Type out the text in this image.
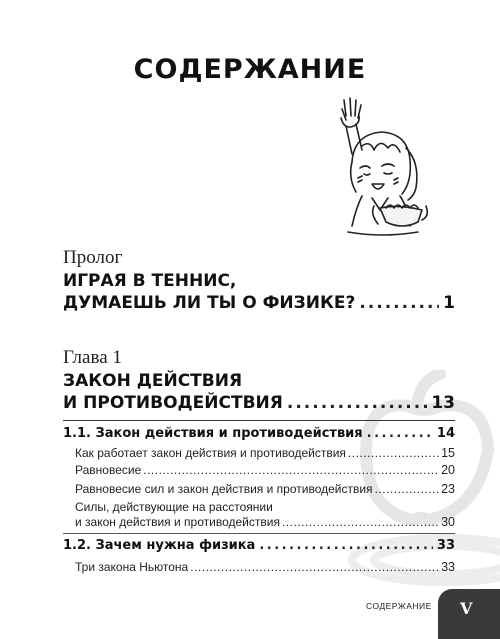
СОДЕРЖАНИЕ
Пролог
ИГРАЯ В ТЕННИС,
ДУМАЕШЬ ЛИ ТЫ О ФИЗИКЕ? .....	1
Глава 1
ЗАКОН ДЕЙСТВИЯ
И ПРОТИВОДЕЙСТВИЯ .....	13
1.1. Закон действия и противодействия .....	14
Как работает закон действия и противодействия .....	15
Равновесие .....	20
Равновесие сил и закон действия и противодействия .....	23
Силы, действующие на расстоянии
и закон действия и противодействия .....	30
1.2. Зачем нужна физика .....	33
Три закона Ньютона .....	33
СОДЕРЖАНИЕ V
